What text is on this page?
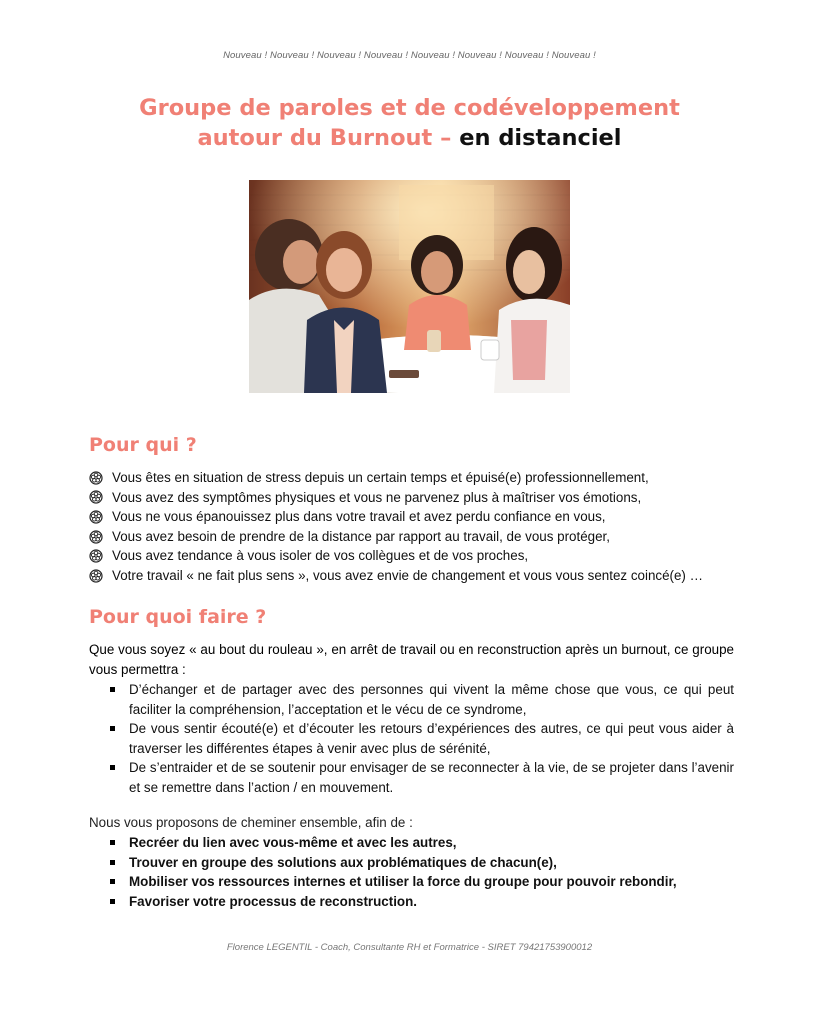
Nouveau ! Nouveau ! Nouveau ! Nouveau ! Nouveau ! Nouveau ! Nouveau ! Nouveau !
Groupe de paroles et de codéveloppement
autour du Burnout – en distanciel
Pour qui ?
Vous êtes en situation de stress depuis un certain temps et épuisé(e) professionnellement,
Vous avez des symptômes physiques et vous ne parvenez plus à maîtriser vos émotions,
Vous ne vous épanouissez plus dans votre travail et avez perdu confiance en vous,
Vous avez besoin de prendre de la distance par rapport au travail, de vous protéger,
Vous avez tendance à vous isoler de vos collègues et de vos proches,
Votre travail « ne fait plus sens », vous avez envie de changement et vous vous sentez coincé(e) …
Pour quoi faire ?
Que vous soyez « au bout du rouleau », en arrêt de travail ou en reconstruction après un burnout, ce groupe vous permettra :
D’échanger et de partager avec des personnes qui vivent la même chose que vous, ce qui peut faciliter la compréhension, l’acceptation et le vécu de ce syndrome,
De vous sentir écouté(e) et d’écouter les retours d’expériences des autres, ce qui peut vous aider à traverser les différentes étapes à venir avec plus de sérénité,
De s’entraider et de se soutenir pour envisager de se reconnecter à la vie, de se projeter dans l’avenir et se remettre dans l’action / en mouvement.
Nous vous proposons de cheminer ensemble, afin de :
Recréer du lien avec vous-même et avec les autres,
Trouver en groupe des solutions aux problématiques de chacun(e),
Mobiliser vos ressources internes et utiliser la force du groupe pour pouvoir rebondir,
Favoriser votre processus de reconstruction.
Florence LEGENTIL - Coach, Consultante RH et Formatrice - SIRET 79421753900012
